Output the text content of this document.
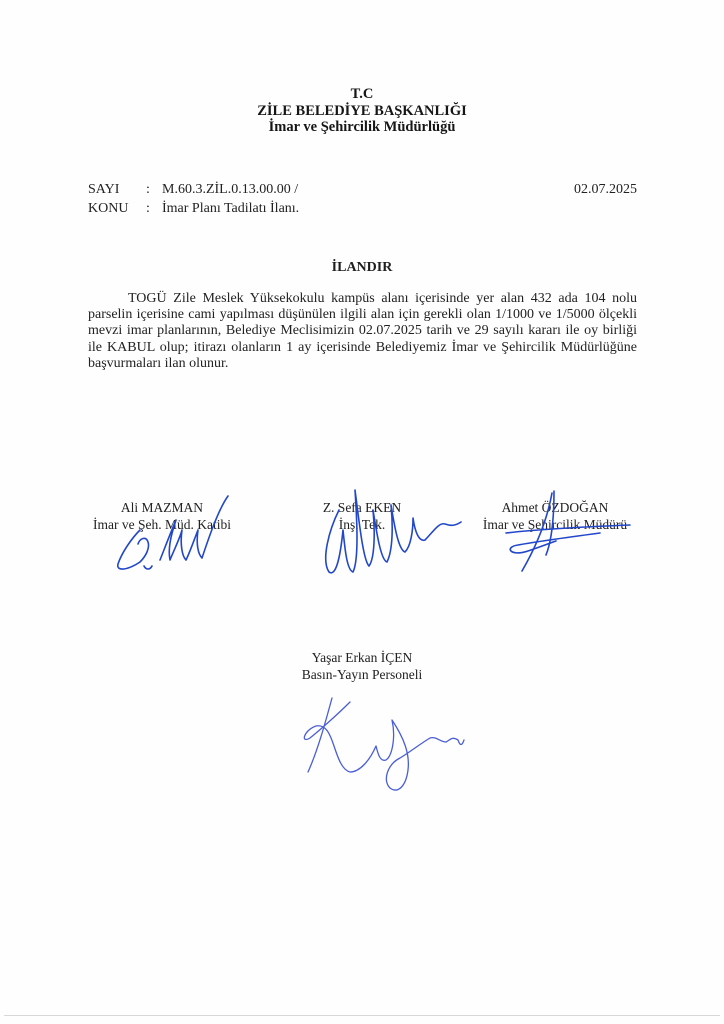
T.C
ZİLE BELEDİYE BAŞKANLIĞI
İmar ve Şehircilik Müdürlüğü
SAYI	: M.60.3.ZİL.0.13.00.00 /
KONU	: İmar Planı Tadilatı İlanı.
02.07.2025
İLANDIR

TOGÜ Zile Meslek Yüksekokulu kampüs alanı içerisinde yer alan 432 ada 104 nolu parselin içerisine cami yapılması düşünülen ilgili alan için gerekli olan 1/1000 ve 1/5000 ölçekli mevzi imar planlarının, Belediye Meclisimizin 02.07.2025 tarih ve 29 sayılı kararı ile oy birliği ile KABUL olup; itirazı olanların 1 ay içerisinde Belediyemiz İmar ve Şehircilik Müdürlüğüne başvurmaları ilan olunur.

Ali MAZMAN
İmar ve Şeh. Müd. Katibi
Z. Sefa EKEN
İnş. Tek.
Ahmet ÖZDOĞAN
İmar ve Şehircilik Müdürü
Yaşar Erkan İÇEN
Basın-Yayın Personeli
